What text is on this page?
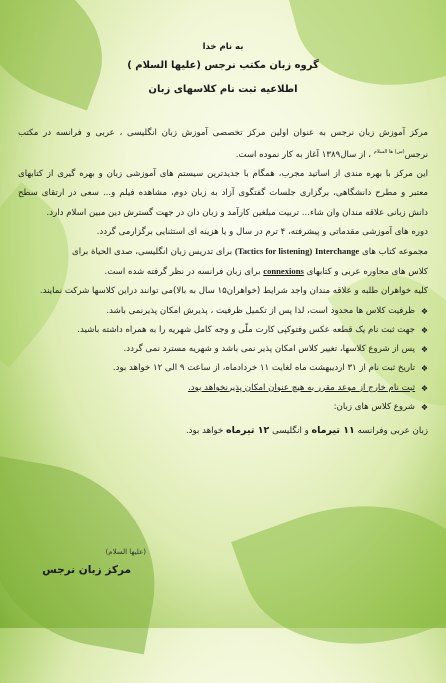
به نام خدا
گروه زبان مکتب نرجس (علیها السلام )
اطلاعیه ثبت نام کلاسهای زبان

مرکز آموزش زبان نرجس به عنوان اولین مرکز تخصصی آموزش زبان انگلیسی ، عربی و فرانسه در مکتب نرجس$^{(س) ها السلام}$ ، از سال۱۳۸۹ آغاز به کار نموده است.

این مرکز با بهره مندی از اساتید مجرب، همگام با جدیدترین سیستم های آموزشی زبان و بهره گیری از کتابهای معتبر و مطرح دانشگاهی، برگزاری جلسات گفتگوی آزاد به زبان دوم، مشاهده فیلم و... سعی در ارتقای سطح دانش زبانی علاقه مندان وان شاء... تربیت مبلغین کارآمد و زبان دان در جهت گسترش دین مبین اسلام دارد.

دوره های آموزشی مقدماتی و پیشرفته، ۴ ترم در سال و یا هزینه ای استثنایی برگزارمی گردد.

مجموعه کتاب های Interchange (Tactics for listening) برای تدریس زبان انگلیسی، صدی الحیاة برای

کلاس های محاوره عربی و کتابهای connexions برای زبان فرانسه در نظر گرفته شده است.

کلیه خواهران طلبه و علاقه مندان واجد شرایط (خواهران۱۵ سال به بالا)می توانند دراین کلاسها شرکت نمایند.

❖
ظرفیت کلاس ها محدود است، لذا پس از تکمیل ظرفیت ، پذیرش امکان پذیرنمی باشد.
❖
جهت ثبت نام یک قطعه عکس وفتوکپی کارت ملّی و وجه کامل شهریه را به همراه داشته باشید.
❖
پس از شروع کلاسها، تغییر کلاس امکان پذیر نمی باشد و شهریه مسترد نمی گردد.
❖
تاریخ ثبت نام از ۳۱ اردیبهشت ماه لغایت ۱۱ خردادماه، از ساعت ۹ الی ۱۲ خواهد بود.
❖
ثبت نام خارج از موعد مقرر به هیچ عنوان امکان پذیرنخواهد بود.
❖
شروع کلاس های زبان:

زبان عربی وفرانسه ۱۱ تیرماه و انگلیسی ۱۲ تیرماه خواهد بود.

(علیها السلام)
مرکز زبان نرجس
